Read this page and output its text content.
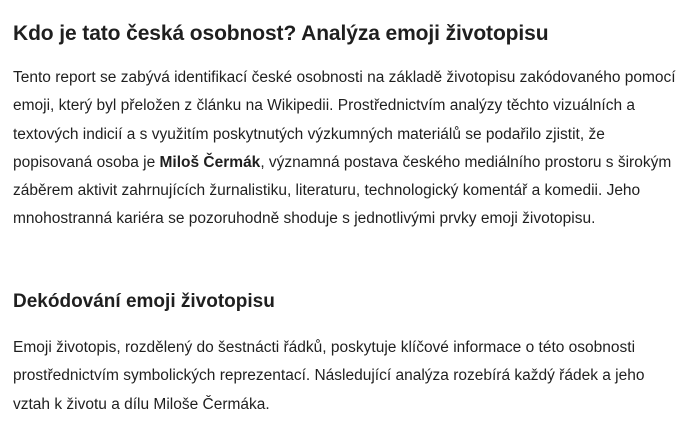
Kdo je tato česká osobnost? Analýza emoji životopisu

Tento report se zabývá identifikací české osobnosti na základě životopisu zakódovaného pomocí emoji, který byl přeložen z článku na Wikipedii. Prostřednictvím analýzy těchto vizuálních a textových indicií a s využitím poskytnutých výzkumných materiálů se podařilo zjistit, že popisovaná osoba je Miloš Čermák, významná postava českého mediálního prostoru s širokým záběrem aktivit zahrnujících žurnalistiku, literaturu, technologický komentář a komedii. Jeho mnohostranná kariéra se pozoruhodně shoduje s jednotlivými prvky emoji životopisu.

Dekódování emoji životopisu

Emoji životopis, rozdělený do šestnácti řádků, poskytuje klíčové informace o této osobnosti prostřednictvím symbolických reprezentací. Následující analýza rozebírá každý řádek a jeho vztah k životu a dílu Miloše Čermáka.
